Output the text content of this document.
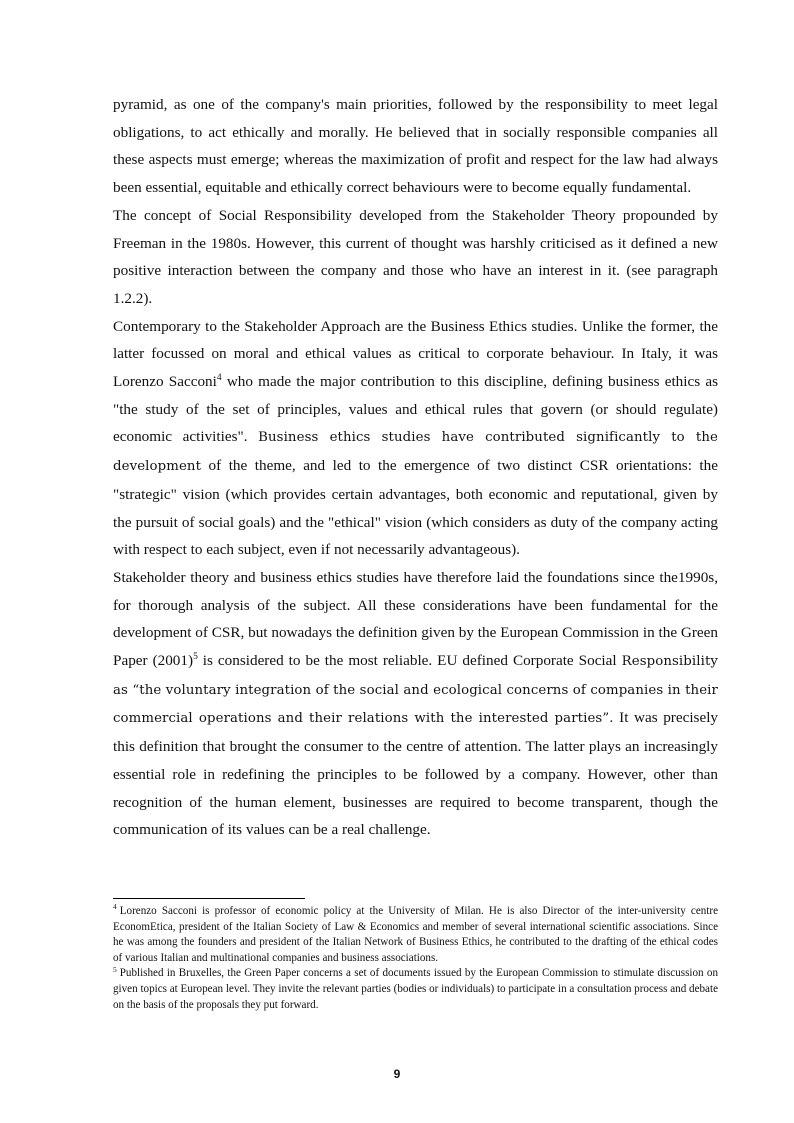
pyramid, as one of the company's main priorities, followed by the responsibility to meet legal obligations, to act ethically and morally. He believed that in socially responsible companies all these aspects must emerge; whereas the maximization of profit and respect for the law had always been essential, equitable and ethically correct behaviours were to become equally fundamental.

The concept of Social Responsibility developed from the Stakeholder Theory propounded by Freeman in the 1980s. However, this current of thought was harshly criticised as it defined a new positive interaction between the company and those who have an interest in it. (see paragraph 1.2.2).

Contemporary to the Stakeholder Approach are the Business Ethics studies. Unlike the former, the latter focussed on moral and ethical values as critical to corporate behaviour. In Italy, it was Lorenzo Sacconi$^4$ who made the major contribution to this discipline, defining business ethics as "the study of the set of principles, values and ethical rules that govern (or should regulate) economic activities". Business ethics studies have contributed significantly to the development of the theme, and led to the emergence of two distinct CSR orientations: the "strategic" vision (which provides certain advantages, both economic and reputational, given by the pursuit of social goals) and the "ethical" vision (which considers as duty of the company acting with respect to each subject, even if not necessarily advantageous).

Stakeholder theory and business ethics studies have therefore laid the foundations since the1990s, for thorough analysis of the subject. All these considerations have been fundamental for the development of CSR, but nowadays the definition given by the European Commission in the Green Paper $(2001)^5$ is considered to be the most reliable. EU defined Corporate Social Responsibility as “the voluntary integration of the social and ecological concerns of companies in their commercial operations and their relations with the interested parties”. It was precisely this definition that brought the consumer to the centre of attention. The latter plays an increasingly essential role in redefining the principles to be followed by a company. However, other than recognition of the human element, businesses are required to become transparent, though the communication of its values can be a real challenge.

$^4$ Lorenzo Sacconi is professor of economic policy at the University of Milan. He is also Director of the inter-university centre EconomEtica, president of the Italian Society of Law & Economics and member of several international scientific associations. Since he was among the founders and president of the Italian Network of Business Ethics, he contributed to the drafting of the ethical codes of various Italian and multinational companies and business associations.

$^5$ Published in Bruxelles, the Green Paper concerns a set of documents issued by the European Commission to stimulate discussion on given topics at European level. They invite the relevant parties (bodies or individuals) to participate in a consultation process and debate on the basis of the proposals they put forward.

9
